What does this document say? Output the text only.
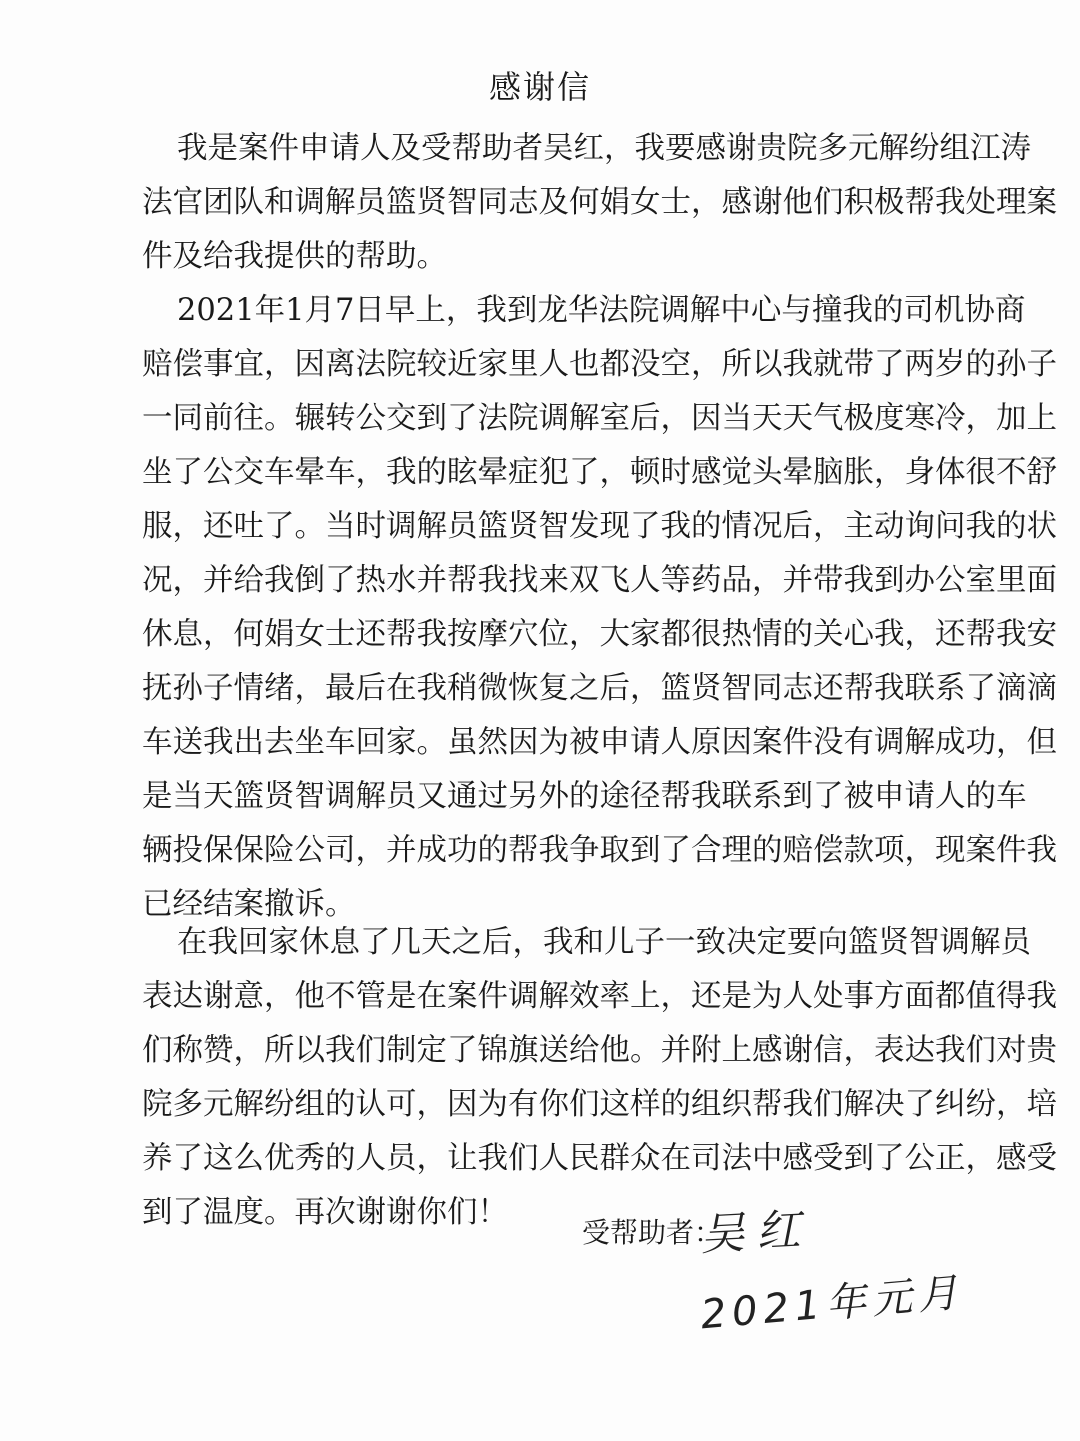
感谢信
我是案件申请人及受帮助者吴红，我要感谢贵院多元解纷组江涛
法官团队和调解员篮贤智同志及何娟女士，感谢他们积极帮我处理案
件及给我提供的帮助。
2021年1月7日早上，我到龙华法院调解中心与撞我的司机协商
赔偿事宜，因离法院较近家里人也都没空，所以我就带了两岁的孙子
一同前往。辗转公交到了法院调解室后，因当天天气极度寒冷，加上
坐了公交车晕车，我的眩晕症犯了，顿时感觉头晕脑胀，身体很不舒
服，还吐了。当时调解员篮贤智发现了我的情况后，主动询问我的状
况，并给我倒了热水并帮我找来双飞人等药品，并带我到办公室里面
休息，何娟女士还帮我按摩穴位，大家都很热情的关心我，还帮我安
抚孙子情绪，最后在我稍微恢复之后，篮贤智同志还帮我联系了滴滴
车送我出去坐车回家。虽然因为被申请人原因案件没有调解成功，但
是当天篮贤智调解员又通过另外的途径帮我联系到了被申请人的车
辆投保保险公司，并成功的帮我争取到了合理的赔偿款项，现案件我
已经结案撤诉。
在我回家休息了几天之后，我和儿子一致决定要向篮贤智调解员
表达谢意，他不管是在案件调解效率上，还是为人处事方面都值得我
们称赞，所以我们制定了锦旗送给他。并附上感谢信，表达我们对贵
院多元解纷组的认可，因为有你们这样的组织帮我们解决了纠纷，培
养了这么优秀的人员，让我们人民群众在司法中感受到了公正，感受
到了温度。再次谢谢你们！
受帮助者：
吴红
2021年元月
